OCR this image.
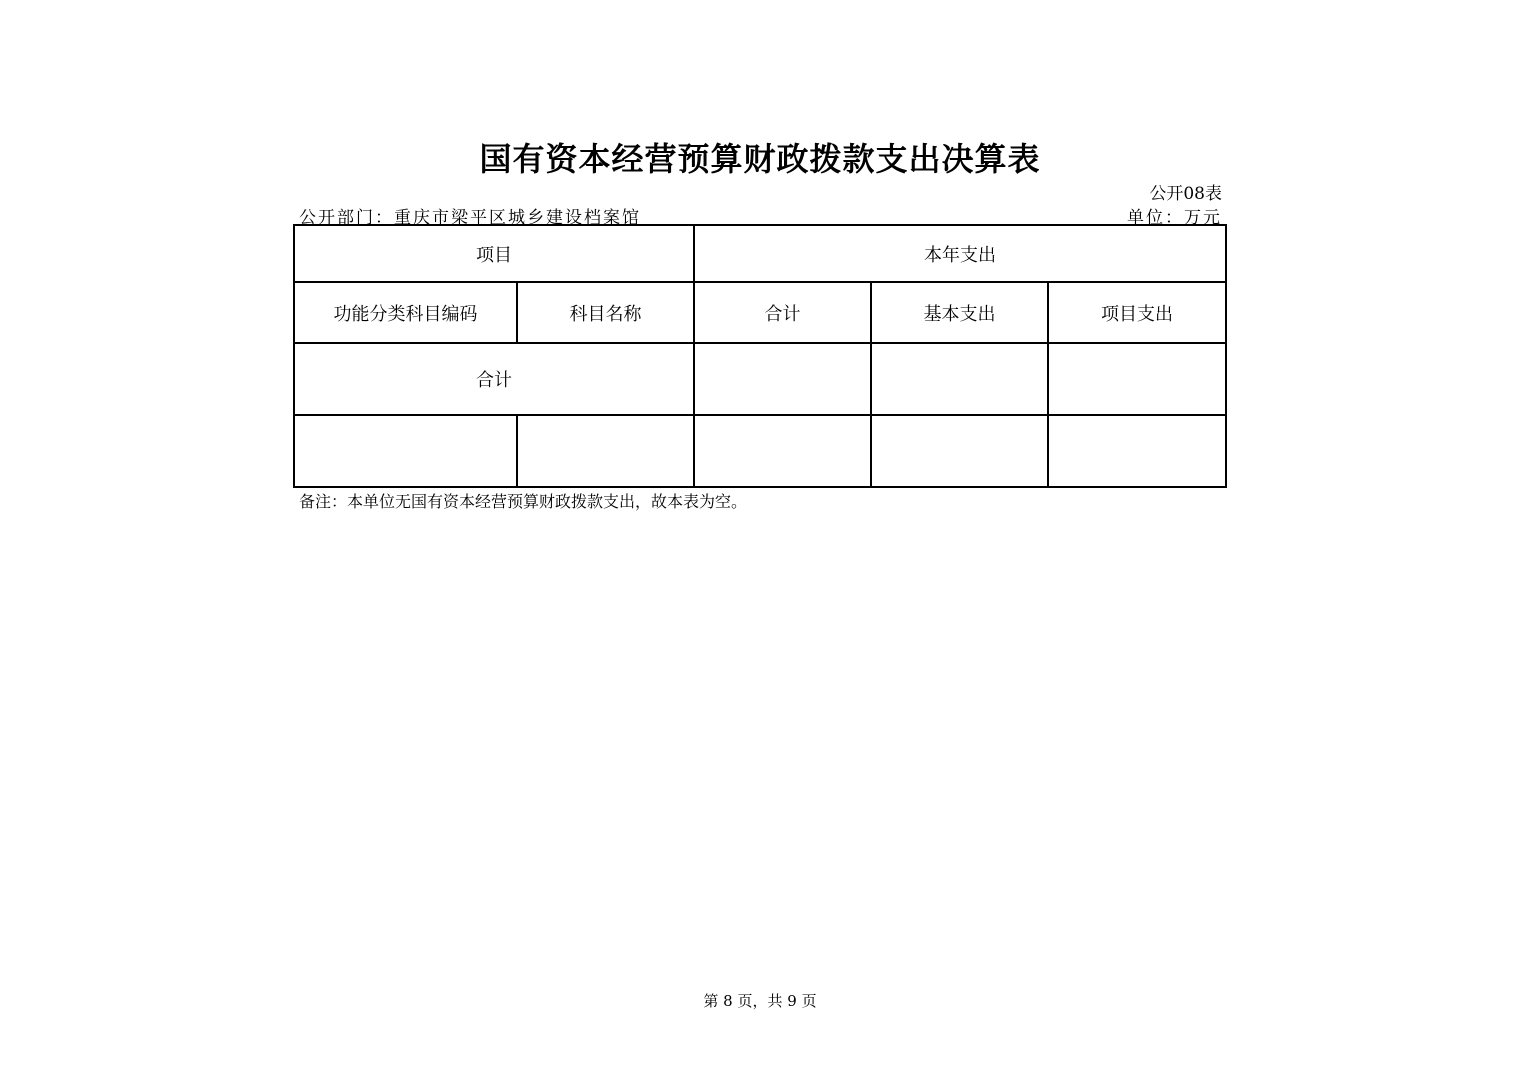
国有资本经营预算财政拨款支出决算表
公开08表
公开部门：重庆市梁平区城乡建设档案馆	单位：万元
项目		本年支出		
功能分类科目编码	科目名称	合计	基本支出	项目支出
合计				

备注：本单位无国有资本经营预算财政拨款支出，故本表为空。
第 8 页，共 9 页
